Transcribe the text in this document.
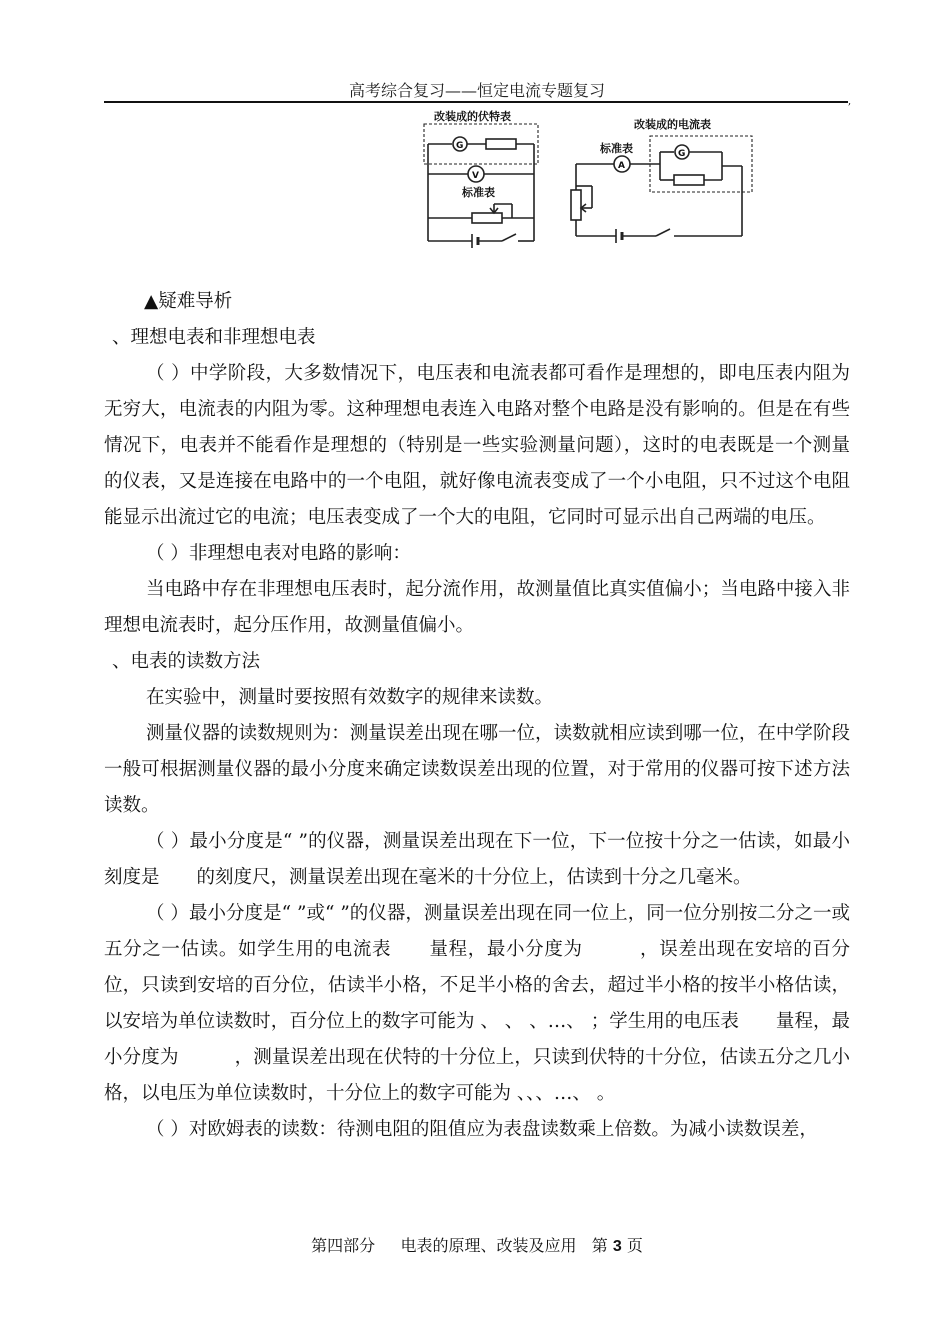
高考综合复习——恒定电流专题复习
,
改装成的伏特表
G
V
标准表
改装成的电流表
标准表
A
G

▲疑难导析

、理想电表和非理想电表

（ ）中学阶段，大多数情况下，电压表和电流表都可看作是理想的，即电压表内阻为无穷大，电流表的内阻为零。这种理想电表连入电路对整个电路是没有影响的。但是在有些情况下，电表并不能看作是理想的（特别是一些实验测量问题），这时的电表既是一个测量的仪表，又是连接在电路中的一个电阻，就好像电流表变成了一个小电阻，只不过这个电阻能显示出流过它的电流；电压表变成了一个大的电阻，它同时可显示出自己两端的电压。

（ ）非理想电表对电路的影响：

当电路中存在非理想电压表时，起分流作用，故测量值比真实值偏小；当电路中接入非理想电流表时，起分压作用，故测量值偏小。

、电表的读数方法

在实验中，测量时要按照有效数字的规律来读数。

测量仪器的读数规则为：测量误差出现在哪一位，读数就相应读到哪一位，在中学阶段一般可根据测量仪器的最小分度来确定读数误差出现的位置，对于常用的仪器可按下述方法读数。

（ ）最小分度是“ ”的仪器，测量误差出现在下一位，下一位按十分之一估读，如最小刻度是　　的刻度尺，测量误差出现在毫米的十分位上，估读到十分之几毫米。

（ ）最小分度是“ ”或“ ”的仪器，测量误差出现在同一位上，同一位分别按二分之一或五分之一估读。如学生用的电流表　　量程，最小分度为　　　，误差出现在安培的百分位，只读到安培的百分位，估读半小格，不足半小格的舍去，超过半小格的按半小格估读，以安培为单位读数时，百分位上的数字可能为 、 、 、…、 ；学生用的电压表　　量程，最小分度为　　　，测量误差出现在伏特的十分位上，只读到伏特的十分位，估读五分之几小格，以电压为单位读数时，十分位上的数字可能为 、、、…、 。

（ ）对欧姆表的读数：待测电阻的阻值应为表盘读数乘上倍数。为减小读数误差，

第四部分 电表的原理、改装及应用 第 3 页
